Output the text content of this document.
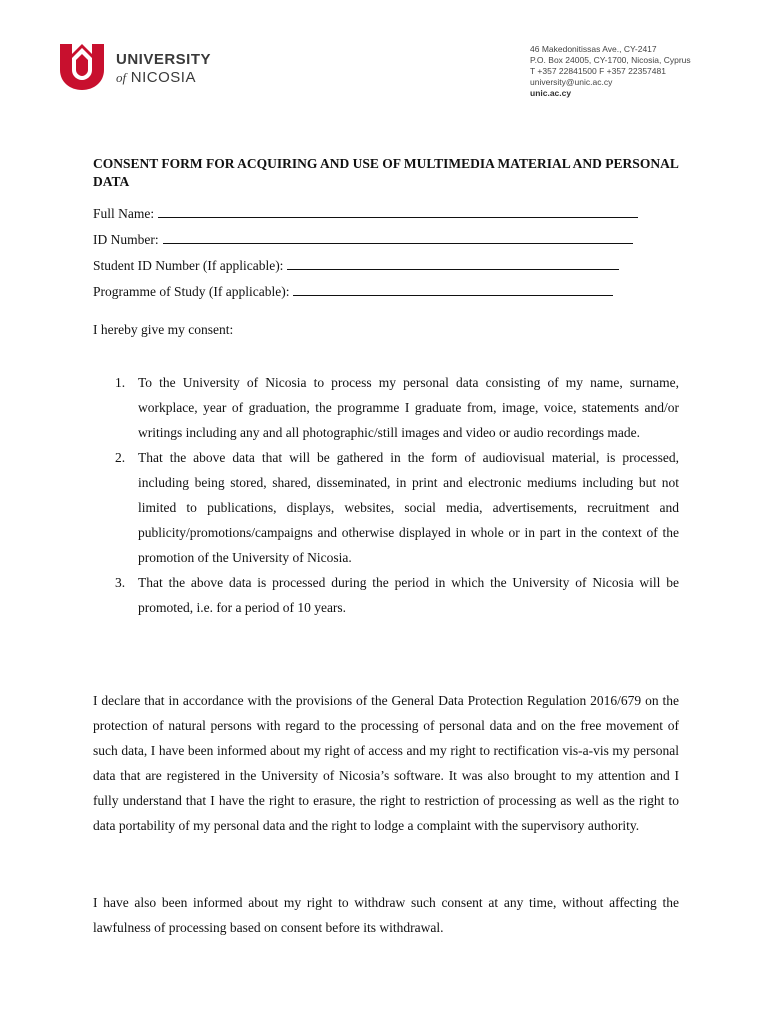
UNIVERSITY
of NICOSIA
46 Makedonitissas Ave., CY-2417
P.O. Box 24005, CY-1700, Nicosia, Cyprus
T +357 22841500 F +357 22357481
university@unic.ac.cy
unic.ac.cy
CONSENT FORM FOR ACQUIRING AND USE OF MULTIMEDIA MATERIAL AND PERSONAL DATA
Full Name:
ID Number:
Student ID Number (If applicable):
Programme of Study (If applicable):
I hereby give my consent:
1. To the University of Nicosia to process my personal data consisting of my name, surname, workplace, year of graduation, the programme I graduate from, image, voice, statements and/or writings including any and all photographic/still images and video or audio recordings made.
2. That the above data that will be gathered in the form of audiovisual material, is processed, including being stored, shared, disseminated, in print and electronic mediums including but not limited to publications, displays, websites, social media, advertisements, recruitment and publicity/promotions/campaigns and otherwise displayed in whole or in part in the context of the promotion of the University of Nicosia.
3. That the above data is processed during the period in which the University of Nicosia will be promoted, i.e. for a period of 10 years.

I declare that in accordance with the provisions of the General Data Protection Regulation 2016/679 on the protection of natural persons with regard to the processing of personal data and on the free movement of such data, I have been informed about my right of access and my right to rectification vis-a-vis my personal data that are registered in the University of Nicosia’s software. It was also brought to my attention and I fully understand that I have the right to erasure, the right to restriction of processing as well as the right to data portability of my personal data and the right to lodge a complaint with the supervisory authority.

I have also been informed about my right to withdraw such consent at any time, without affecting the lawfulness of processing based on consent before its withdrawal.
